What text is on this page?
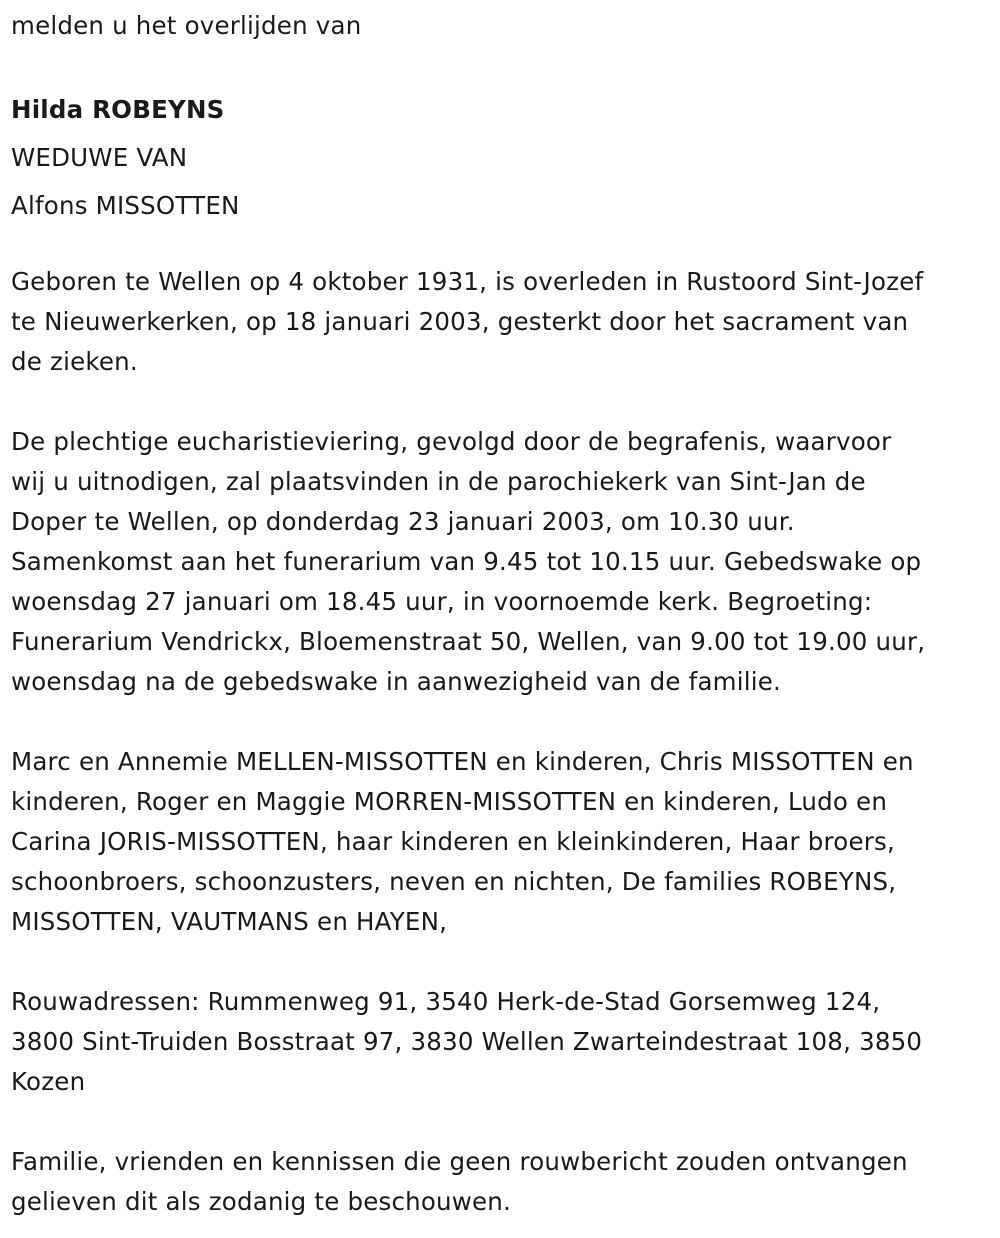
melden u het overlijden van
Hilda ROBEYNS
WEDUWE VAN
Alfons MISSOTTEN
Geboren te Wellen op 4 oktober 1931, is overleden in Rustoord Sint-Jozef
te Nieuwerkerken, op 18 januari 2003, gesterkt door het sacrament van
de zieken.
De plechtige eucharistieviering, gevolgd door de begrafenis, waarvoor
wij u uitnodigen, zal plaatsvinden in de parochiekerk van Sint-Jan de
Doper te Wellen, op donderdag 23 januari 2003, om 10.30 uur.
Samenkomst aan het funerarium van 9.45 tot 10.15 uur. Gebedswake op
woensdag 27 januari om 18.45 uur, in voornoemde kerk. Begroeting:
Funerarium Vendrickx, Bloemenstraat 50, Wellen, van 9.00 tot 19.00 uur,
woensdag na de gebedswake in aanwezigheid van de familie.
Marc en Annemie MELLEN-MISSOTTEN en kinderen, Chris MISSOTTEN en
kinderen, Roger en Maggie MORREN-MISSOTTEN en kinderen, Ludo en
Carina JORIS-MISSOTTEN, haar kinderen en kleinkinderen, Haar broers,
schoonbroers, schoonzusters, neven en nichten, De families ROBEYNS,
MISSOTTEN, VAUTMANS en HAYEN,
Rouwadressen: Rummenweg 91, 3540 Herk-de-Stad Gorsemweg 124,
3800 Sint-Truiden Bosstraat 97, 3830 Wellen Zwarteindestraat 108, 3850
Kozen
Familie, vrienden en kennissen die geen rouwbericht zouden ontvangen
gelieven dit als zodanig te beschouwen.
